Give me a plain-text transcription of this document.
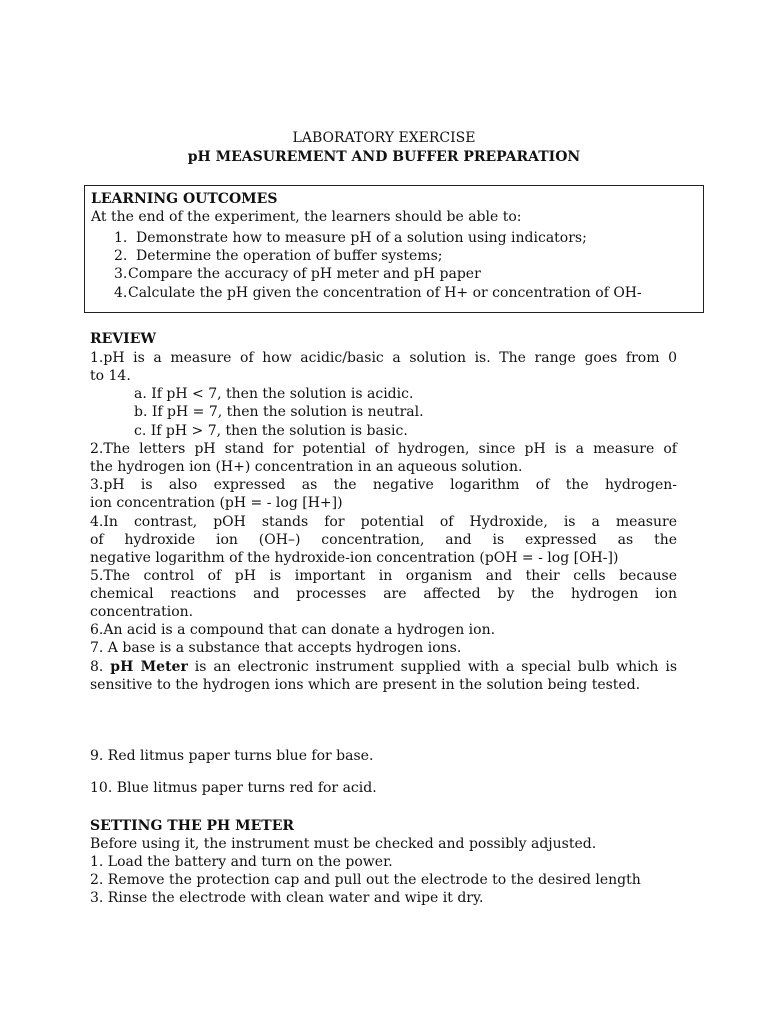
LABORATORY EXERCISE
pH MEASUREMENT AND BUFFER PREPARATION
LEARNING OUTCOMES
At the end of the experiment, the learners should be able to:
1. Demonstrate how to measure pH of a solution using indicators;
2. Determine the operation of buffer systems;
3. Compare the accuracy of pH meter and pH paper
4. Calculate the pH given the concentration of H+ or concentration of OH-
REVIEW
1.pH is a measure of how acidic/basic a solution is. The range goes from 0
to 14.
a. If pH < 7, then the solution is acidic.
b. If pH = 7, then the solution is neutral.
c. If pH > 7, then the solution is basic.
2.The letters pH stand for potential of hydrogen, since pH is a measure of
the hydrogen ion (H+) concentration in an aqueous solution.
3.pH is also expressed as the negative logarithm of the hydrogen-
ion concentration (pH = - log [H+])
4.In contrast, pOH stands for potential of Hydroxide, is a measure
of hydroxide ion (OH–) concentration, and is expressed as the
negative logarithm of the hydroxide-ion concentration (pOH = - log [OH-])
5.The control of pH is important in organism and their cells because
chemical reactions and processes are affected by the hydrogen ion
concentration.
6.An acid is a compound that can donate a hydrogen ion.
7. A base is a substance that accepts hydrogen ions.
8. pH Meter is an electronic instrument supplied with a special bulb which is
sensitive to the hydrogen ions which are present in the solution being tested.
9. Red litmus paper turns blue for base.
10. Blue litmus paper turns red for acid.
SETTING THE PH METER
Before using it, the instrument must be checked and possibly adjusted.
1. Load the battery and turn on the power.
2. Remove the protection cap and pull out the electrode to the desired length
3. Rinse the electrode with clean water and wipe it dry.
